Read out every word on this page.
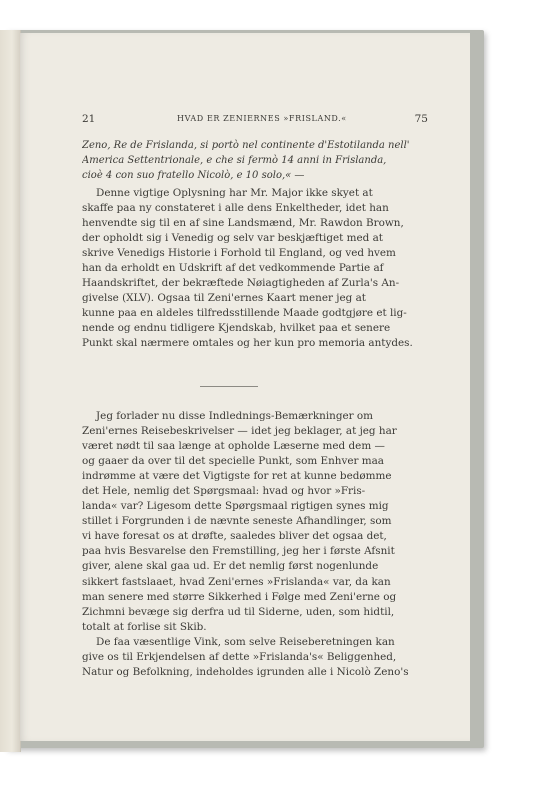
21	HVAD ER ZENIERNES »FRISLAND.«	75
Zeno, Re de Frislanda, si portò nel continente d'Estotilanda nell'
America Settentrionale, e che si fermò 14 anni in Frislanda,
cioè 4 con suo fratello Nicolò, e 10 solo,« —
Denne vigtige Oplysning har Mr. Major ikke skyet at
skaffe paa ny constateret i alle dens Enkeltheder, idet han
henvendte sig til en af sine Landsmænd, Mr. Rawdon Brown,
der opholdt sig i Venedig og selv var beskjæftiget med at
skrive Venedigs Historie i Forhold til England, og ved hvem
han da erholdt en Udskrift af det vedkommende Partie af
Haandskriftet, der bekræftede Nøiagtigheden af Zurla's An-
givelse (XLV). Ogsaa til Zeni'ernes Kaart mener jeg at
kunne paa en aldeles tilfredsstillende Maade godtgjøre et lig-
nende og endnu tidligere Kjendskab, hvilket paa et senere
Punkt skal nærmere omtales og her kun pro memoria antydes.
Jeg forlader nu disse Indlednings-Bemærkninger om
Zeni'ernes Reisebeskrivelser — idet jeg beklager, at jeg har
været nødt til saa længe at opholde Læserne med dem —
og gaaer da over til det specielle Punkt, som Enhver maa
indrømme at være det Vigtigste for ret at kunne bedømme
det Hele, nemlig det Spørgsmaal: hvad og hvor »Fris-
landa« var? Ligesom dette Spørgsmaal rigtigen synes mig
stillet i Forgrunden i de nævnte seneste Afhandlinger, som
vi have foresat os at drøfte, saaledes bliver det ogsaa det,
paa hvis Besvarelse den Fremstilling, jeg her i første Afsnit
giver, alene skal gaa ud. Er det nemlig først nogenlunde
sikkert fastslaaet, hvad Zeni'ernes »Frislanda« var, da kan
man senere med større Sikkerhed i Følge med Zeni'erne og
Zichmni bevæge sig derfra ud til Siderne, uden, som hidtil,
totalt at forlise sit Skib.
De faa væsentlige Vink, som selve Reiseberetningen kan
give os til Erkjendelsen af dette »Frislanda's« Beliggenhed,
Natur og Befolkning, indeholdes igrunden alle i Nicolò Zeno's
